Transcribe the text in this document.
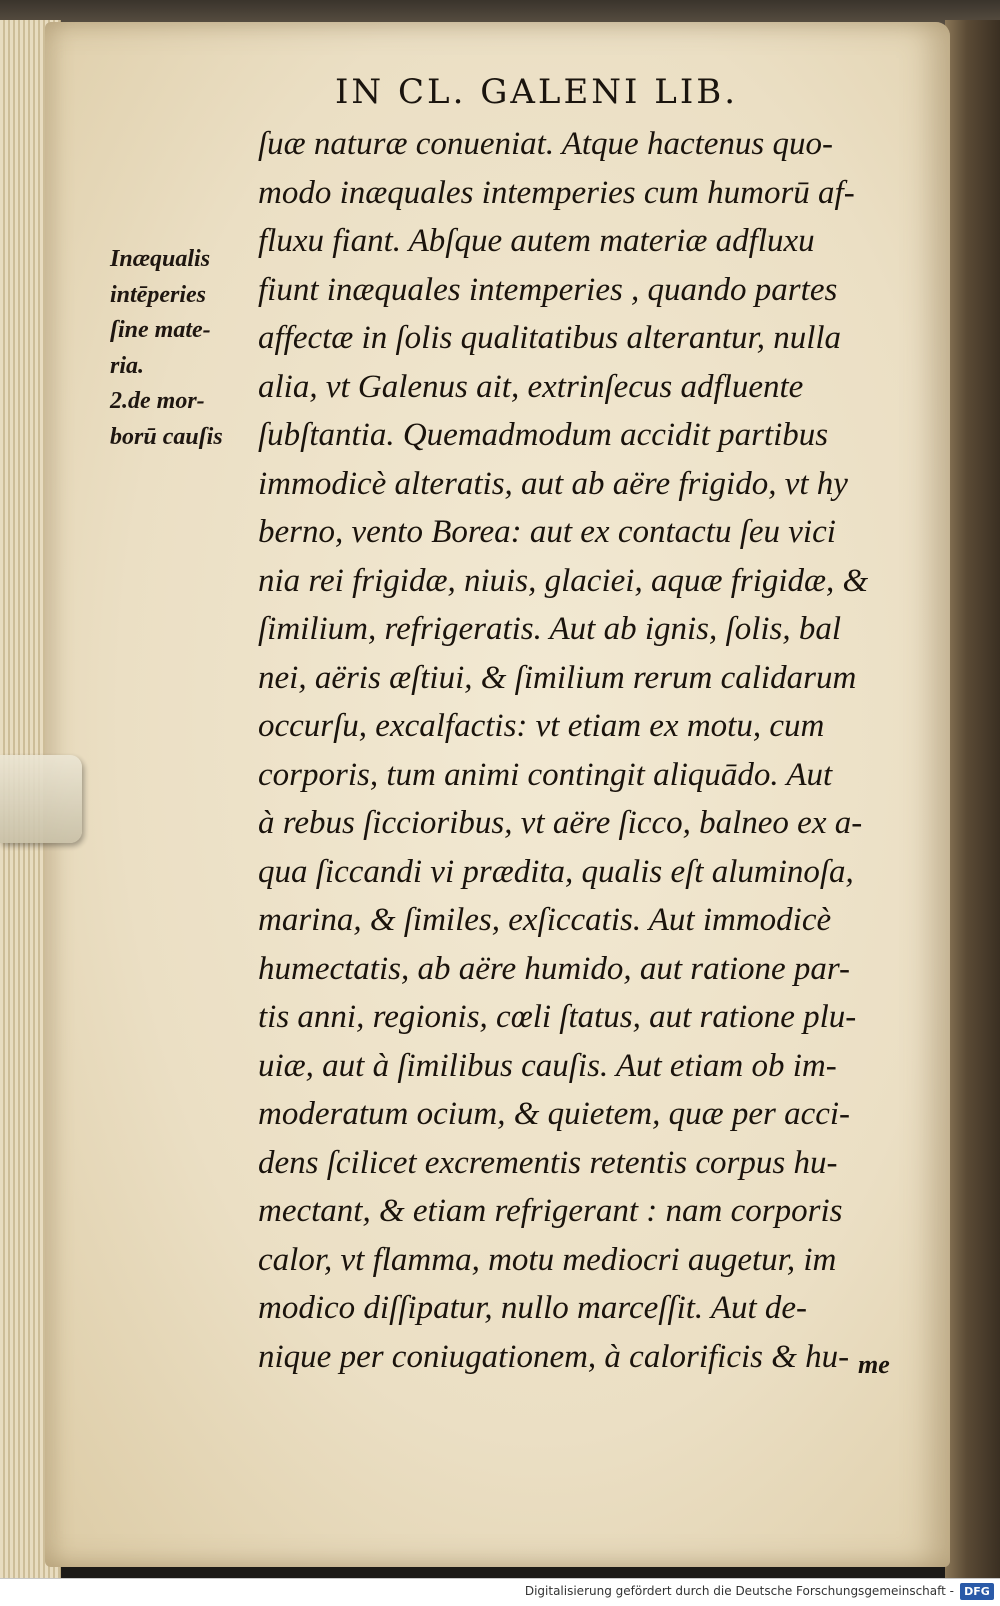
IN CL. GALENI LIB.
Inæqualis
intēperies
ſine mate-
ria.
2.de mor-
borū cauſis
ſuæ naturæ conueniat. Atque hactenus quo-
modo inæquales intemperies cum humorū af-
fluxu fiant. Abſque autem materiæ adfluxu
fiunt inæquales intemperies , quando partes
affectæ in ſolis qualitatibus alterantur, nulla
alia, vt Galenus ait, extrinſecus adfluente
ſubſtantia. Quemadmodum accidit partibus
immodicè alteratis, aut ab aëre frigido, vt hy
berno, vento Borea: aut ex contactu ſeu vici
nia rei frigidæ, niuis, glaciei, aquæ frigidæ, &
ſimilium, refrigeratis. Aut ab ignis, ſolis, bal
nei, aëris æſtiui, & ſimilium rerum calidarum
occurſu, excalfactis: vt etiam ex motu, cum
corporis, tum animi contingit aliquādo. Aut
à rebus ſiccioribus, vt aëre ſicco, balneo ex a-
qua ſiccandi vi prædita, qualis eſt aluminoſa,
marina, & ſimiles, exſiccatis. Aut immodicè
humectatis, ab aëre humido, aut ratione par-
tis anni, regionis, cœli ſtatus, aut ratione plu-
uiæ, aut à ſimilibus cauſis. Aut etiam ob im-
moderatum ocium, & quietem, quæ per acci-
dens ſcilicet excrementis retentis corpus hu-
mectant, & etiam refrigerant : nam corporis
calor, vt flamma, motu mediocri augetur, im
modico diſſipatur, nullo marceſſit. Aut de-
nique per coniugationem, à calorificis & hu- me
Digitalisierung gefördert durch die Deutsche Forschungsgemeinschaft - DFG
